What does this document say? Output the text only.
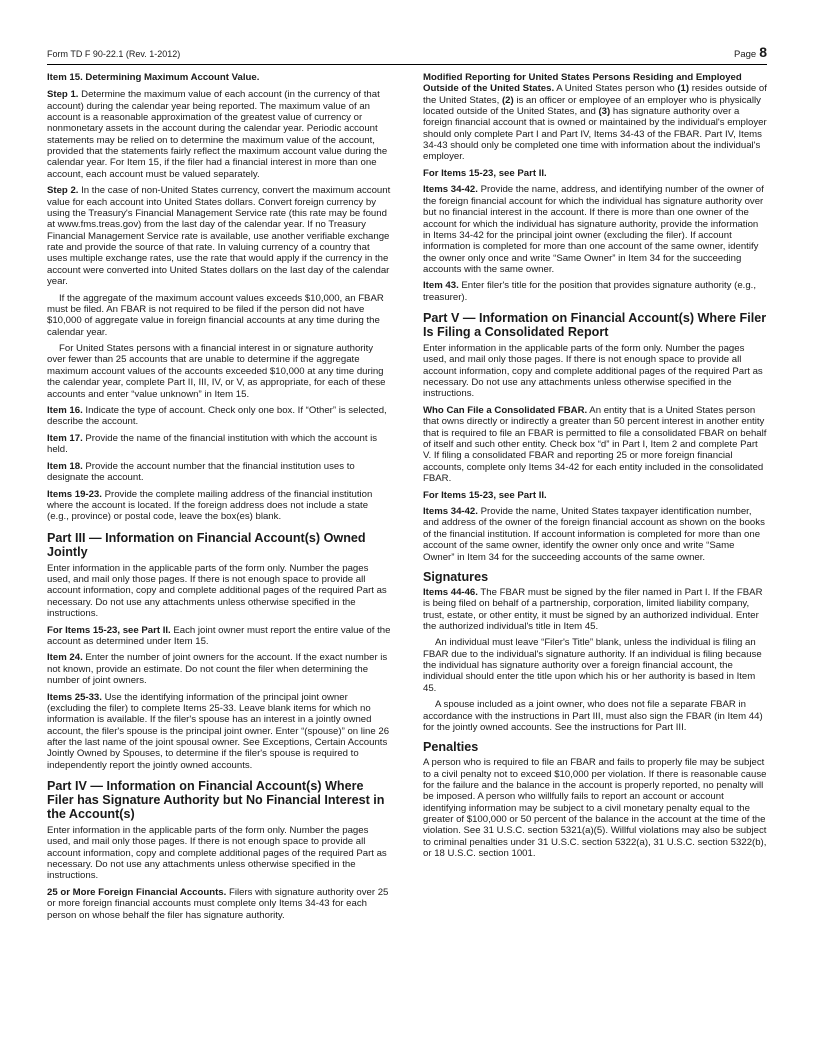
Form TD F 90-22.1 (Rev. 1-2012)	Page 8

Item 15. Determining Maximum Account Value.

Step 1. Determine the maximum value of each account (in the currency of that account) during the calendar year being reported. The maximum value of an account is a reasonable approximation of the greatest value of currency or nonmonetary assets in the account during the calendar year. Periodic account statements may be relied on to determine the maximum value of the account, provided that the statements fairly reflect the maximum account value during the calendar year. For Item 15, if the filer had a financial interest in more than one account, each account must be valued separately.

Step 2. In the case of non-United States currency, convert the maximum account value for each account into United States dollars. Convert foreign currency by using the Treasury's Financial Management Service rate (this rate may be found at www.fms.treas.gov) from the last day of the calendar year. If no Treasury Financial Management Service rate is available, use another verifiable exchange rate and provide the source of that rate. In valuing currency of a country that uses multiple exchange rates, use the rate that would apply if the currency in the account were converted into United States dollars on the last day of the calendar year.

If the aggregate of the maximum account values exceeds $10,000, an FBAR must be filed. An FBAR is not required to be filed if the person did not have $10,000 of aggregate value in foreign financial accounts at any time during the calendar year.

For United States persons with a financial interest in or signature authority over fewer than 25 accounts that are unable to determine if the aggregate maximum account values of the accounts exceeded $10,000 at any time during the calendar year, complete Part II, III, IV, or V, as appropriate, for each of these accounts and enter “value unknown” in Item 15.

Item 16. Indicate the type of account. Check only one box. If “Other” is selected, describe the account.

Item 17. Provide the name of the financial institution with which the account is held.

Item 18. Provide the account number that the financial institution uses to designate the account.

Items 19-23. Provide the complete mailing address of the financial institution where the account is located. If the foreign address does not include a state (e.g., province) or postal code, leave the box(es) blank.

Part III — Information on Financial Account(s) Owned Jointly

Enter information in the applicable parts of the form only. Number the pages used, and mail only those pages. If there is not enough space to provide all account information, copy and complete additional pages of the required Part as necessary. Do not use any attachments unless otherwise specified in the instructions.

For Items 15-23, see Part II. Each joint owner must report the entire value of the account as determined under Item 15.

Item 24. Enter the number of joint owners for the account. If the exact number is not known, provide an estimate. Do not count the filer when determining the number of joint owners.

Items 25-33. Use the identifying information of the principal joint owner (excluding the filer) to complete Items 25-33. Leave blank items for which no information is available. If the filer's spouse has an interest in a jointly owned account, the filer's spouse is the principal joint owner. Enter “(spouse)” on line 26 after the last name of the joint spousal owner. See Exceptions, Certain Accounts Jointly Owned by Spouses, to determine if the filer's spouse is required to independently report the jointly owned accounts.

Part IV — Information on Financial Account(s) Where Filer has Signature Authority but No Financial Interest in the Account(s)

Enter information in the applicable parts of the form only. Number the pages used, and mail only those pages. If there is not enough space to provide all account information, copy and complete additional pages of the required Part as necessary. Do not use any attachments unless otherwise specified in the instructions.

25 or More Foreign Financial Accounts. Filers with signature authority over 25 or more foreign financial accounts must complete only Items 34-43 for each person on whose behalf the filer has signature authority.

Modified Reporting for United States Persons Residing and Employed Outside of the United States. A United States person who (1) resides outside of the United States, (2) is an officer or employee of an employer who is physically located outside of the United States, and (3) has signature authority over a foreign financial account that is owned or maintained by the individual's employer should only complete Part I and Part IV, Items 34-43 of the FBAR. Part IV, Items 34-43 should only be completed one time with information about the individual's employer.

For Items 15-23, see Part II.

Items 34-42. Provide the name, address, and identifying number of the owner of the foreign financial account for which the individual has signature authority over but no financial interest in the account. If there is more than one owner of the account for which the individual has signature authority, provide the information in Items 34-42 for the principal joint owner (excluding the filer). If account information is completed for more than one account of the same owner, identify the owner only once and write “Same Owner” in Item 34 for the succeeding accounts with the same owner.

Item 43. Enter filer's title for the position that provides signature authority (e.g., treasurer).

Part V — Information on Financial Account(s) Where Filer Is Filing a Consolidated Report

Enter information in the applicable parts of the form only. Number the pages used, and mail only those pages. If there is not enough space to provide all account information, copy and complete additional pages of the required Part as necessary. Do not use any attachments unless otherwise specified in the instructions.

Who Can File a Consolidated FBAR. An entity that is a United States person that owns directly or indirectly a greater than 50 percent interest in another entity that is required to file an FBAR is permitted to file a consolidated FBAR on behalf of itself and such other entity. Check box “d” in Part I, Item 2 and complete Part V. If filing a consolidated FBAR and reporting 25 or more foreign financial accounts, complete only Items 34-42 for each entity included in the consolidated FBAR.

For Items 15-23, see Part II.

Items 34-42. Provide the name, United States taxpayer identification number, and address of the owner of the foreign financial account as shown on the books of the financial institution. If account information is completed for more than one account of the same owner, identify the owner only once and write “Same Owner” in Item 34 for the succeeding accounts of the same owner.

Signatures

Items 44-46. The FBAR must be signed by the filer named in Part I. If the FBAR is being filed on behalf of a partnership, corporation, limited liability company, trust, estate, or other entity, it must be signed by an authorized individual. Enter the authorized individual's title in Item 45.

An individual must leave “Filer's Title” blank, unless the individual is filing an FBAR due to the individual's signature authority. If an individual is filing because the individual has signature authority over a foreign financial account, the individual should enter the title upon which his or her authority is based in Item 45.

A spouse included as a joint owner, who does not file a separate FBAR in accordance with the instructions in Part III, must also sign the FBAR (in Item 44) for the jointly owned accounts. See the instructions for Part III.

Penalties

A person who is required to file an FBAR and fails to properly file may be subject to a civil penalty not to exceed $10,000 per violation. If there is reasonable cause for the failure and the balance in the account is properly reported, no penalty will be imposed. A person who willfully fails to report an account or account identifying information may be subject to a civil monetary penalty equal to the greater of $100,000 or 50 percent of the balance in the account at the time of the violation. See 31 U.S.C. section 5321(a)(5). Willful violations may also be subject to criminal penalties under 31 U.S.C. section 5322(a), 31 U.S.C. section 5322(b), or 18 U.S.C. section 1001.
